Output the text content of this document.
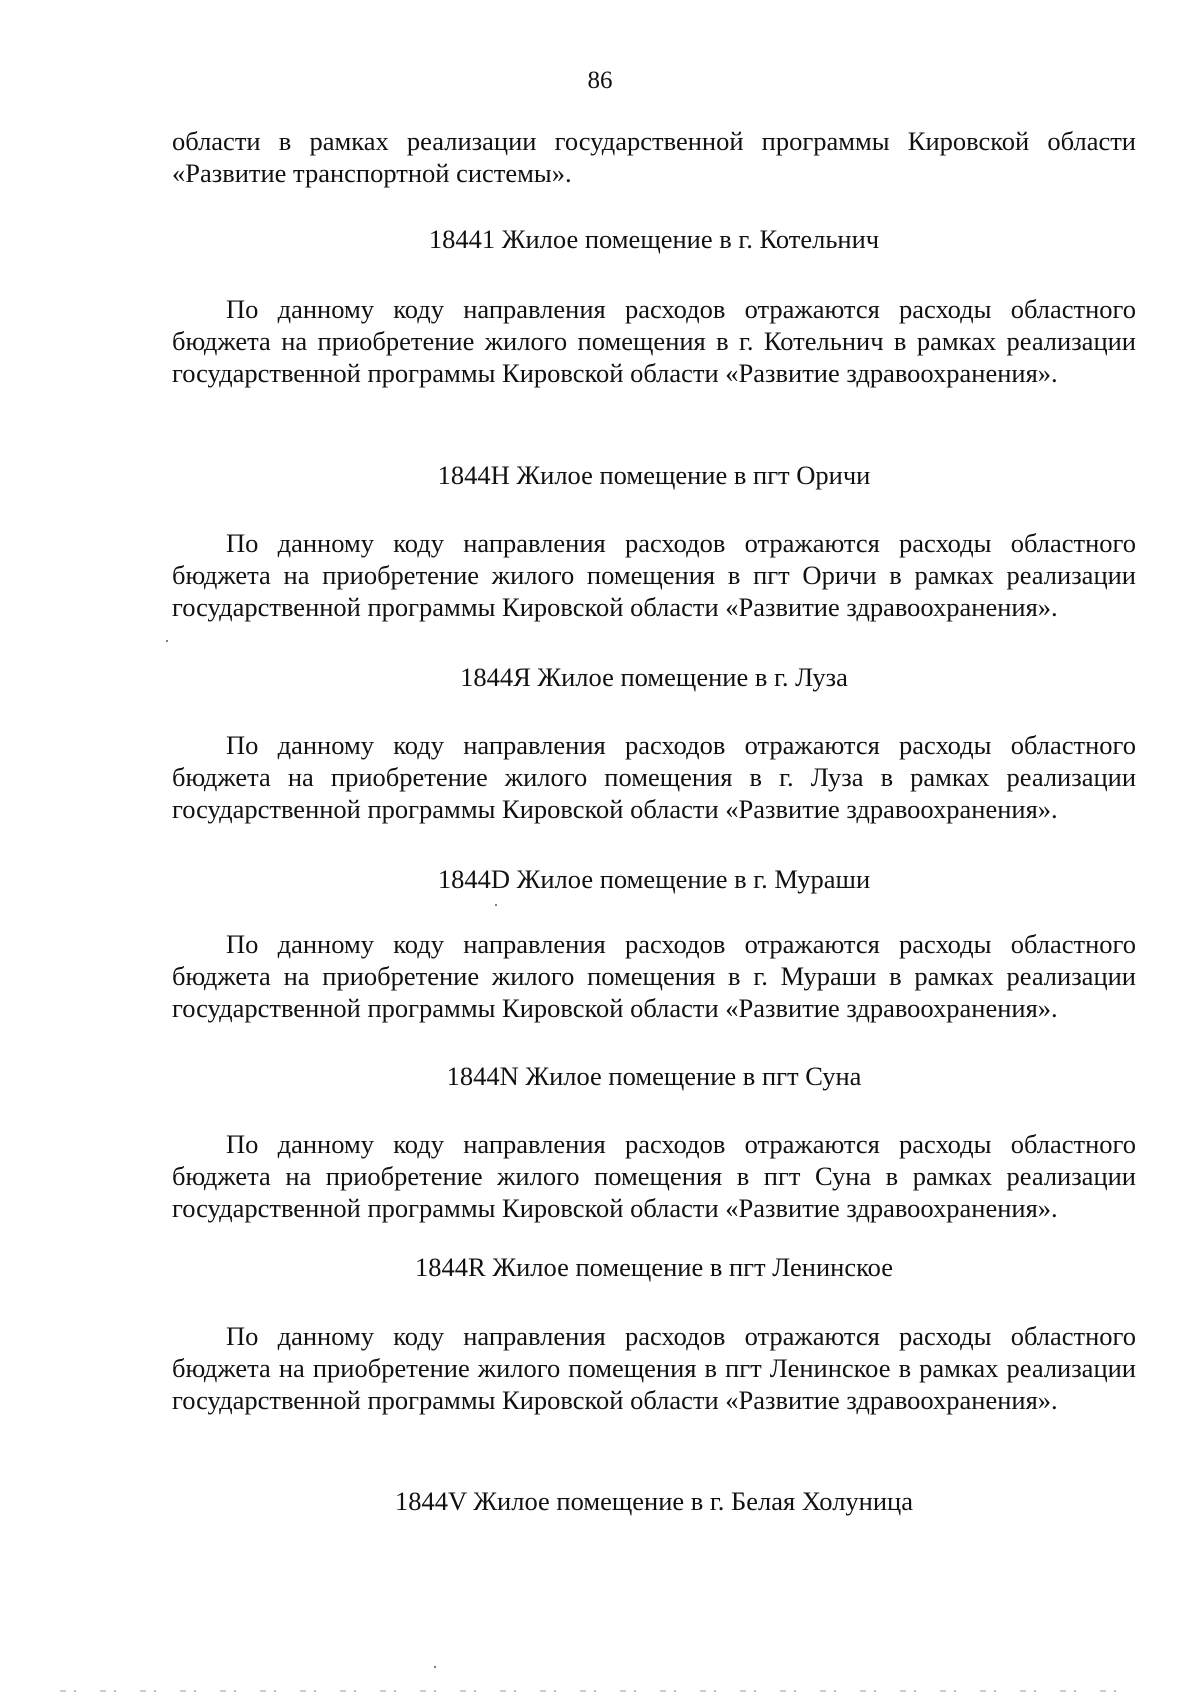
86

области в рамках реализации государственной программы Кировской области «Развитие транспортной системы».

18441 Жилое помещение в г. Котельнич

По данному коду направления расходов отражаются расходы областного бюджета на приобретение жилого помещения в г. Котельнич в рамках реализации государственной программы Кировской области «Развитие здравоохранения».

1844H Жилое помещение в пгт Оричи

По данному коду направления расходов отражаются расходы областного бюджета на приобретение жилого помещения в пгт Оричи в рамках реализации государственной программы Кировской области «Развитие здравоохранения».

1844Я Жилое помещение в г. Луза

По данному коду направления расходов отражаются расходы областного бюджета на приобретение жилого помещения в г. Луза в рамках реализации государственной программы Кировской области «Развитие здравоохранения».

1844D Жилое помещение в г. Мураши

По данному коду направления расходов отражаются расходы областного бюджета на приобретение жилого помещения в г. Мураши в рамках реализации государственной программы Кировской области «Развитие здравоохранения».

1844N Жилое помещение в пгт Суна

По данному коду направления расходов отражаются расходы областного бюджета на приобретение жилого помещения в пгт Суна в рамках реализации государственной программы Кировской области «Развитие здравоохранения».

1844R Жилое помещение в пгт Ленинское

По данному коду направления расходов отражаются расходы областного бюджета на приобретение жилого помещения в пгт Ленинское в рамках реализации государственной программы Кировской области «Развитие здравоохранения».

1844V Жилое помещение в г. Белая Холуница
